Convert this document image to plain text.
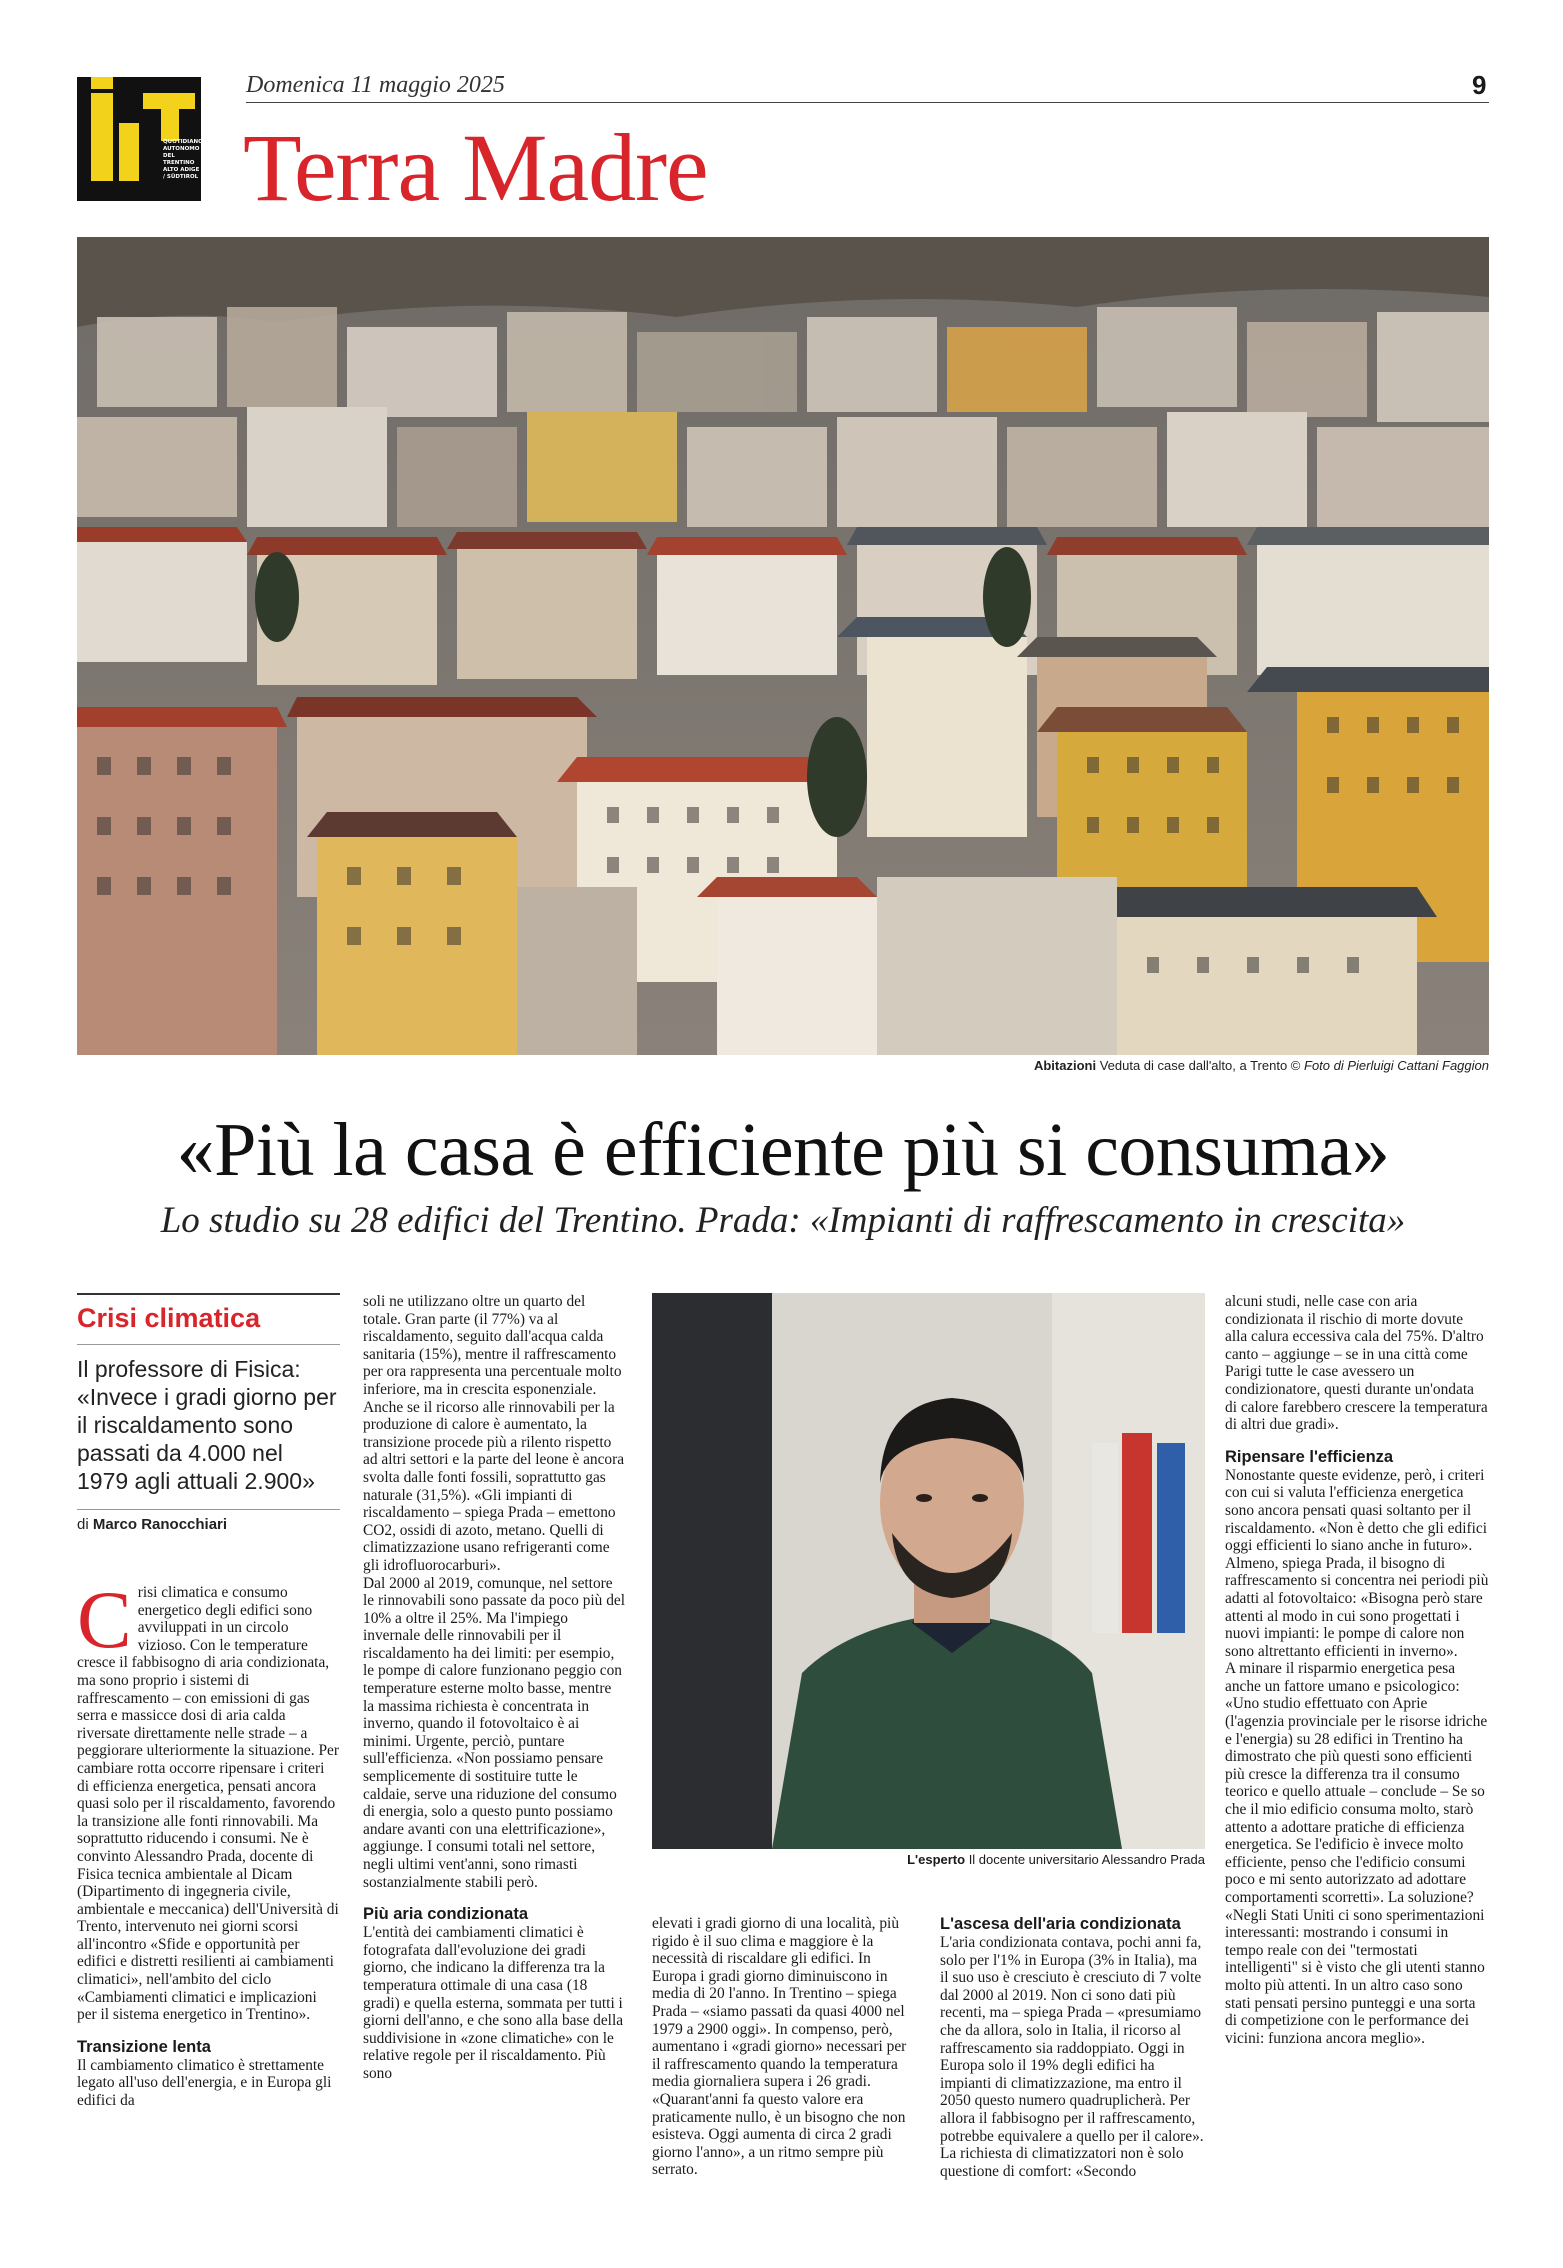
QUOTIDIANO AUTONOMO DEL TRENTINO ALTO ADIGE / SÜDTIROL
Domenica 11 maggio 2025	9
Terra Madre
Abitazioni Veduta di case dall'alto, a Trento © Foto di Pierluigi Cattani Faggion
«Più la casa è efficiente più si consuma»
Lo studio su 28 edifici del Trentino. Prada: «Impianti di raffrescamento in crescita»
Crisi climatica
Il professore di Fisica: «Invece i gradi giorno per il riscaldamento sono passati da 4.000 nel 1979 agli attuali 2.900»
di Marco Ranocchiari

Crisi climatica e consumo energetico degli edifici sono avviluppati in un circolo vizioso. Con le temperature cresce il fabbisogno di aria condizionata, ma sono proprio i sistemi di raffrescamento – con emissioni di gas serra e massicce dosi di aria calda riversate direttamente nelle strade – a peggiorare ulteriormente la situazione. Per cambiare rotta occorre ripensare i criteri di efficienza energetica, pensati ancora quasi solo per il riscaldamento, favorendo la transizione alle fonti rinnovabili. Ma soprattutto riducendo i consumi. Ne è convinto Alessandro Prada, docente di Fisica tecnica ambientale al Dicam (Dipartimento di ingegneria civile, ambientale e meccanica) dell'Università di Trento, intervenuto nei giorni scorsi all'incontro «Sfide e opportunità per edifici e distretti resilienti ai cambiamenti climatici», nell'ambito del ciclo «Cambiamenti climatici e implicazioni per il sistema energetico in Trentino».

Transizione lenta

Il cambiamento climatico è strettamente legato all'uso dell'energia, e in Europa gli edifici da

soli ne utilizzano oltre un quarto del totale. Gran parte (il 77%) va al riscaldamento, seguito dall'acqua calda sanitaria (15%), mentre il raffrescamento per ora rappresenta una percentuale molto inferiore, ma in crescita esponenziale.

Anche se il ricorso alle rinnovabili per la produzione di calore è aumentato, la transizione procede più a rilento rispetto ad altri settori e la parte del leone è ancora svolta dalle fonti fossili, soprattutto gas naturale (31,5%). «Gli impianti di riscaldamento – spiega Prada – emettono CO2, ossidi di azoto, metano. Quelli di climatizzazione usano refrigeranti come gli idrofluorocarburi».

Dal 2000 al 2019, comunque, nel settore le rinnovabili sono passate da poco più del 10% a oltre il 25%. Ma l'impiego invernale delle rinnovabili per il riscaldamento ha dei limiti: per esempio, le pompe di calore funzionano peggio con temperature esterne molto basse, mentre la massima richiesta è concentrata in inverno, quando il fotovoltaico è ai minimi. Urgente, perciò, puntare sull'efficienza. «Non possiamo pensare semplicemente di sostituire tutte le caldaie, serve una riduzione del consumo di energia, solo a questo punto possiamo andare avanti con una elettrificazione», aggiunge. I consumi totali nel settore, negli ultimi vent'anni, sono rimasti sostanzialmente stabili però.

Più aria condizionata

L'entità dei cambiamenti climatici è fotografata dall'evoluzione dei gradi giorno, che indicano la differenza tra la temperatura ottimale di una casa (18 gradi) e quella esterna, sommata per tutti i giorni dell'anno, e che sono alla base della suddivisione in «zone climatiche» con le relative regole per il riscaldamento. Più sono

L'esperto Il docente universitario Alessandro Prada

elevati i gradi giorno di una località, più rigido è il suo clima e maggiore è la necessità di riscaldare gli edifici. In Europa i gradi giorno diminuiscono in media di 20 l'anno. In Trentino – spiega Prada – «siamo passati da quasi 4000 nel 1979 a 2900 oggi». In compenso, però, aumentano i «gradi giorno» necessari per il raffrescamento quando la temperatura media giornaliera supera i 26 gradi. «Quarant'anni fa questo valore era praticamente nullo, è un bisogno che non esisteva. Oggi aumenta di circa 2 gradi giorno l'anno», a un ritmo sempre più serrato.

L'ascesa dell'aria condizionata

L'aria condizionata contava, pochi anni fa, solo per l'1% in Europa (3% in Italia), ma il suo uso è cresciuto è cresciuto di 7 volte dal 2000 al 2019. Non ci sono dati più recenti, ma – spiega Prada – «presumiamo che da allora, solo in Italia, il ricorso al raffrescamento sia raddoppiato. Oggi in Europa solo il 19% degli edifici ha impianti di climatizzazione, ma entro il 2050 questo numero quadruplicherà. Per allora il fabbisogno per il raffrescamento, potrebbe equivalere a quello per il calore».

La richiesta di climatizzatori non è solo questione di comfort: «Secondo

alcuni studi, nelle case con aria condizionata il rischio di morte dovute alla calura eccessiva cala del 75%. D'altro canto – aggiunge – se in una città come Parigi tutte le case avessero un condizionatore, questi durante un'ondata di calore farebbero crescere la temperatura di altri due gradi».

Ripensare l'efficienza

Nonostante queste evidenze, però, i criteri con cui si valuta l'efficienza energetica sono ancora pensati quasi soltanto per il riscaldamento. «Non è detto che gli edifici oggi efficienti lo siano anche in futuro». Almeno, spiega Prada, il bisogno di raffrescamento si concentra nei periodi più adatti al fotovoltaico: «Bisogna però stare attenti al modo in cui sono progettati i nuovi impianti: le pompe di calore non sono altrettanto efficienti in inverno».

A minare il risparmio energetica pesa anche un fattore umano e psicologico: «Uno studio effettuato con Aprie (l'agenzia provinciale per le risorse idriche e l'energia) su 28 edifici in Trentino ha dimostrato che più questi sono efficienti più cresce la differenza tra il consumo teorico e quello attuale – conclude – Se so che il mio edificio consuma molto, starò attento a adottare pratiche di efficienza energetica. Se l'edificio è invece molto efficiente, penso che l'edificio consumi poco e mi sento autorizzato ad adottare comportamenti scorretti». La soluzione? «Negli Stati Uniti ci sono sperimentazioni interessanti: mostrando i consumi in tempo reale con dei "termostati intelligenti" si è visto che gli utenti stanno molto più attenti. In un altro caso sono stati pensati persino punteggi e una sorta di competizione con le performance dei vicini: funziona ancora meglio».
